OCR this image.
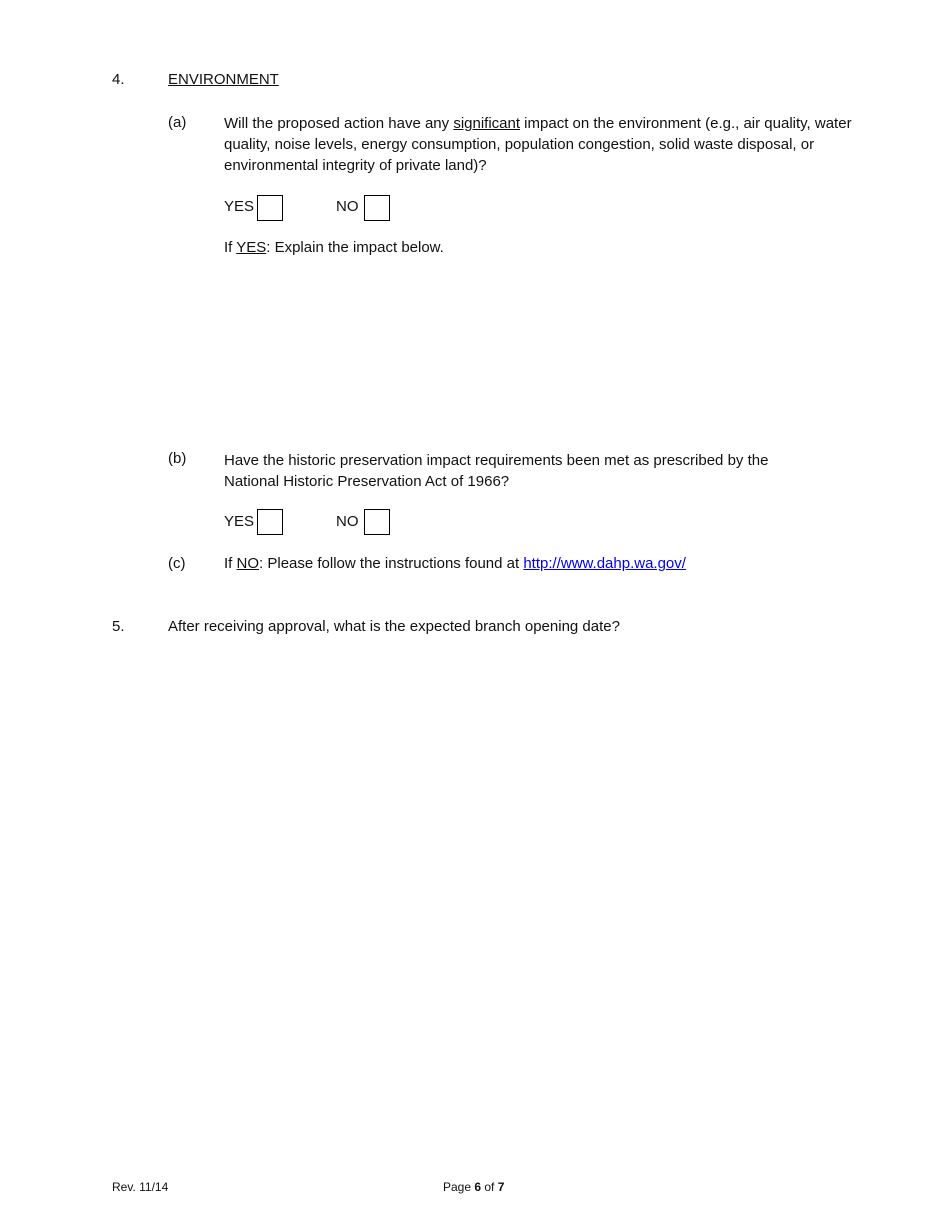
4.	ENVIRONMENT
(a)	Will the proposed action have any significant impact on the environment (e.g., air quality, water quality, noise levels, energy consumption, population congestion, solid waste disposal, or environmental integrity of private land)?
YES	NO
If YES: Explain the impact below.
(b)	Have the historic preservation impact requirements been met as prescribed by the National Historic Preservation Act of 1966?
YES	NO
(c)	If NO: Please follow the instructions found at http://www.dahp.wa.gov/
5.	After receiving approval, what is the expected branch opening date?
Rev. 11/14	Page 6 of 7
